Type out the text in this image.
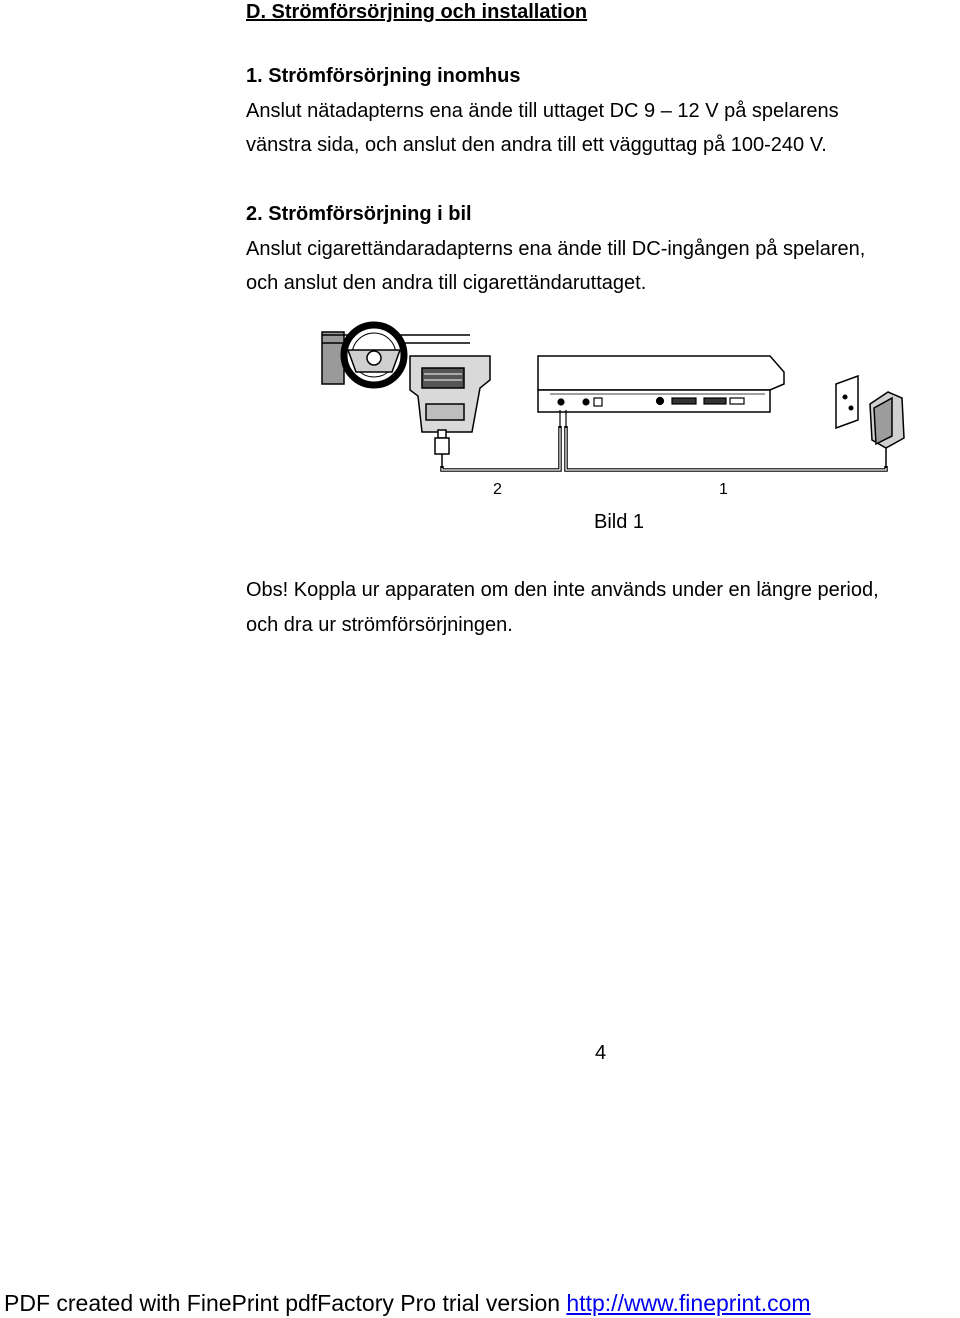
D. Strömförsörjning och installation
1. Strömförsörjning inomhus
Anslut nätadapterns ena ände till uttaget DC 9 – 12 V på spelarens
vänstra sida, och anslut den andra till ett vägguttag på 100-240 V.
2. Strömförsörjning i bil
Anslut cigarettändaradapterns ena ände till DC-ingången på spelaren,
och anslut den andra till cigarettändaruttaget.
2	1
Bild 1
Obs! Koppla ur apparaten om den inte används under en längre period,
och dra ur strömförsörjningen.
4
PDF created with FinePrint pdfFactory Pro trial version http://www.fineprint.com
